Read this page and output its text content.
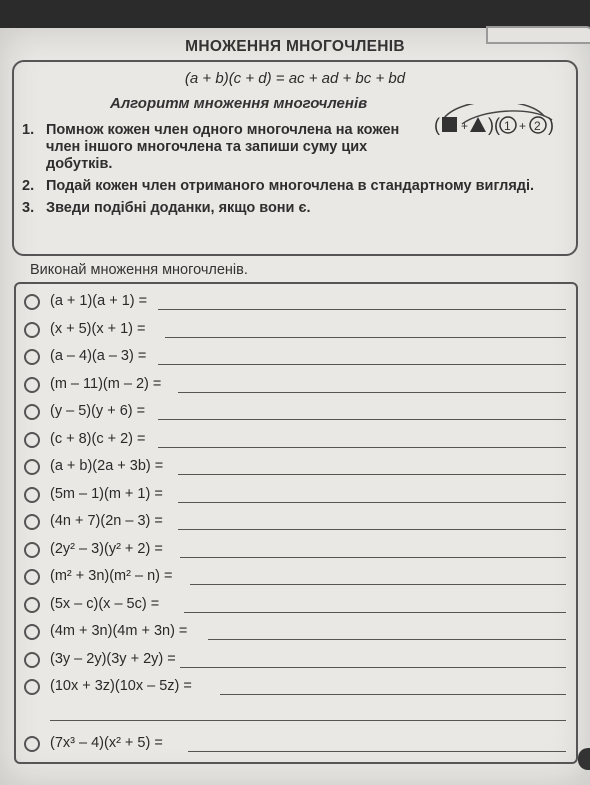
МНОЖЕННЯ МНОГОЧЛЕНІВ
(a + b)(c + d) = ac + ad + bc + bd
Алгоритм множення многочленів
( + ) ( 1 + 2 )
1. Помнож кожен член одного многочлена на кожен член іншого многочлена та запиши суму цих добутків.
2. Подай кожен член отриманого многочлена в стандартному вигляді.
3. Зведи подібні доданки, якщо вони є.
Виконай множення многочленів.
(a + 1)(a + 1) =
(x + 5)(x + 1) =
(a – 4)(a – 3) =
(m – 11)(m – 2) =
(y – 5)(y + 6) =
(c + 8)(c + 2) =
(a + b)(2a + 3b) =
(5m – 1)(m + 1) =
(4n + 7)(2n – 3) =
(2y² – 3)(y² + 2) =
(m² + 3n)(m² – n) =
(5x – c)(x – 5c) =
(4m + 3n)(4m + 3n) =
(3y – 2y)(3y + 2y) =
(10x + 3z)(10x – 5z) =
(7x³ – 4)(x² + 5) =
